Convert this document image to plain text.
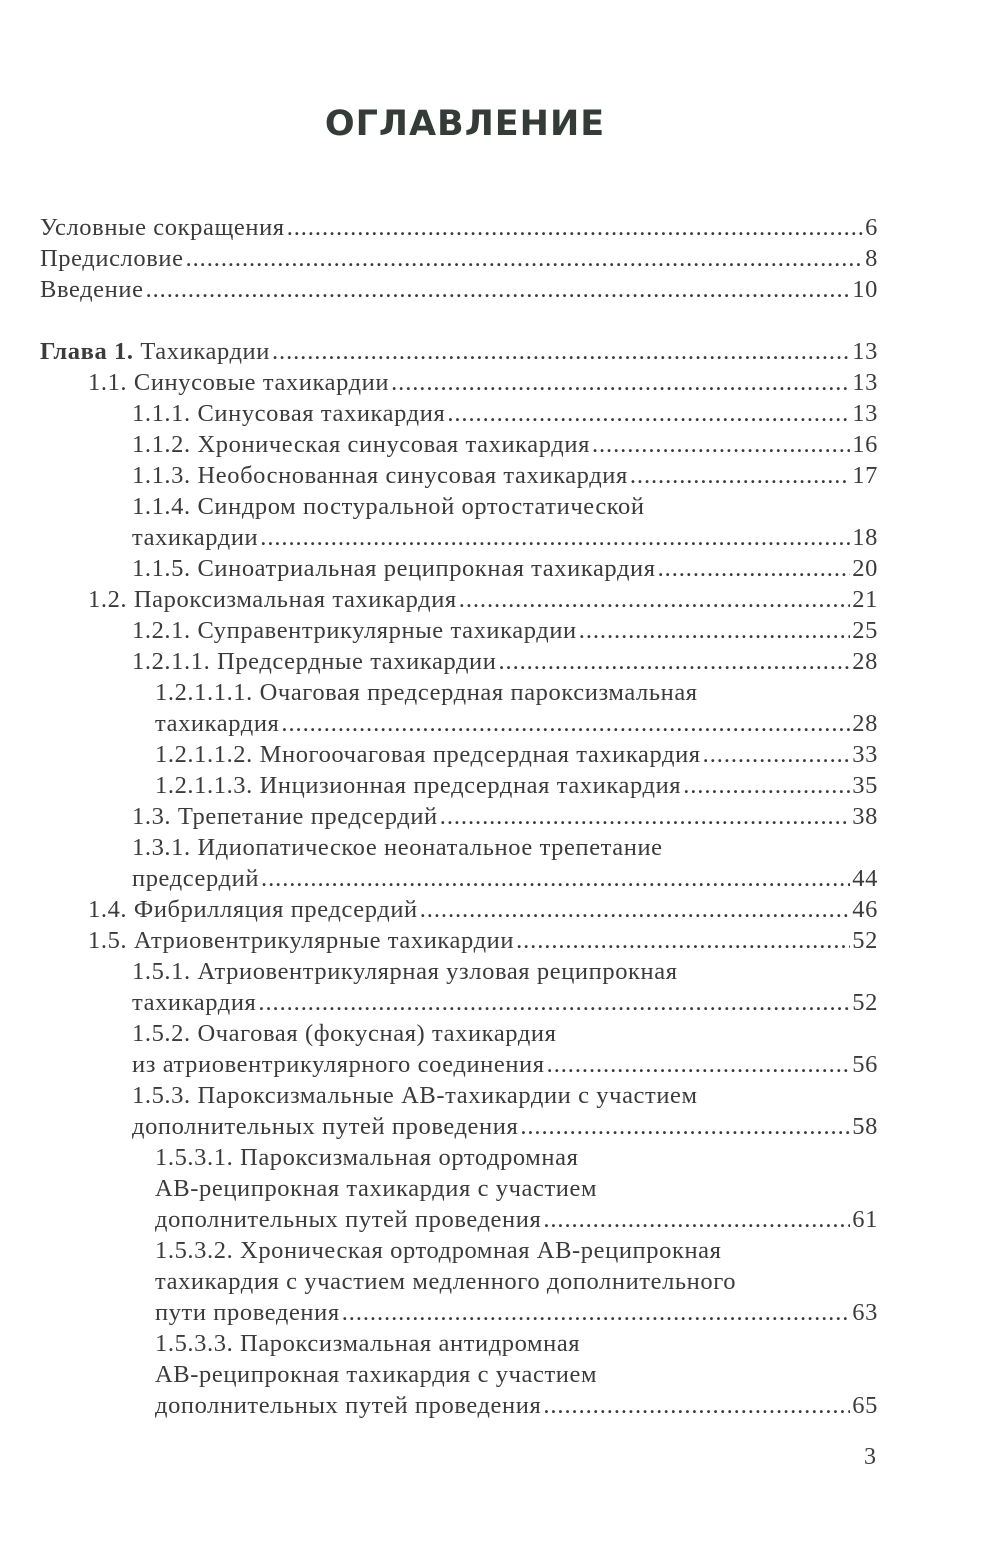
ОГЛАВЛЕНИЕ
Условные сокращения . . .	6
Предисловие . . .	8
Введение . . .	10
Глава 1. Тахикардии . . .	13
1.1. Синусовые тахикардии . . .	13
1.1.1. Синусовая тахикардия . . .	13
1.1.2. Хроническая синусовая тахикардия . . .	16
1.1.3. Необоснованная синусовая тахикардия . . .	17
1.1.4. Синдром постуральной ортостатической
тахикардии . . .	18
1.1.5. Синоатриальная реципрокная тахикардия . . .	20
1.2. Пароксизмальная тахикардия . . .	21
1.2.1. Суправентрикулярные тахикардии . . .	25
1.2.1.1. Предсердные тахикардии . . .	28
1.2.1.1.1. Очаговая предсердная пароксизмальная
тахикардия . . .	28
1.2.1.1.2. Многоочаговая предсердная тахикардия . . .	33
1.2.1.1.3. Инцизионная предсердная тахикардия . . .	35
1.3. Трепетание предсердий . . .	38
1.3.1. Идиопатическое неонатальное трепетание
предсердий . . .	44
1.4. Фибрилляция предсердий . . .	46
1.5. Атриовентрикулярные тахикардии . . .	52
1.5.1. Атриовентрикулярная узловая реципрокная
тахикардия . . .	52
1.5.2. Очаговая (фокусная) тахикардия
из атриовентрикулярного соединения . . .	56
1.5.3. Пароксизмальные АВ-тахикардии с участием
дополнительных путей проведения . . .	58
1.5.3.1. Пароксизмальная ортодромная
АВ-реципрокная тахикардия с участием
дополнительных путей проведения . . .	61
1.5.3.2. Хроническая ортодромная АВ-реципрокная
тахикардия с участием медленного дополнительного
пути проведения . . .	63
1.5.3.3. Пароксизмальная антидромная
АВ-реципрокная тахикардия с участием
дополнительных путей проведения . . .	65
3
